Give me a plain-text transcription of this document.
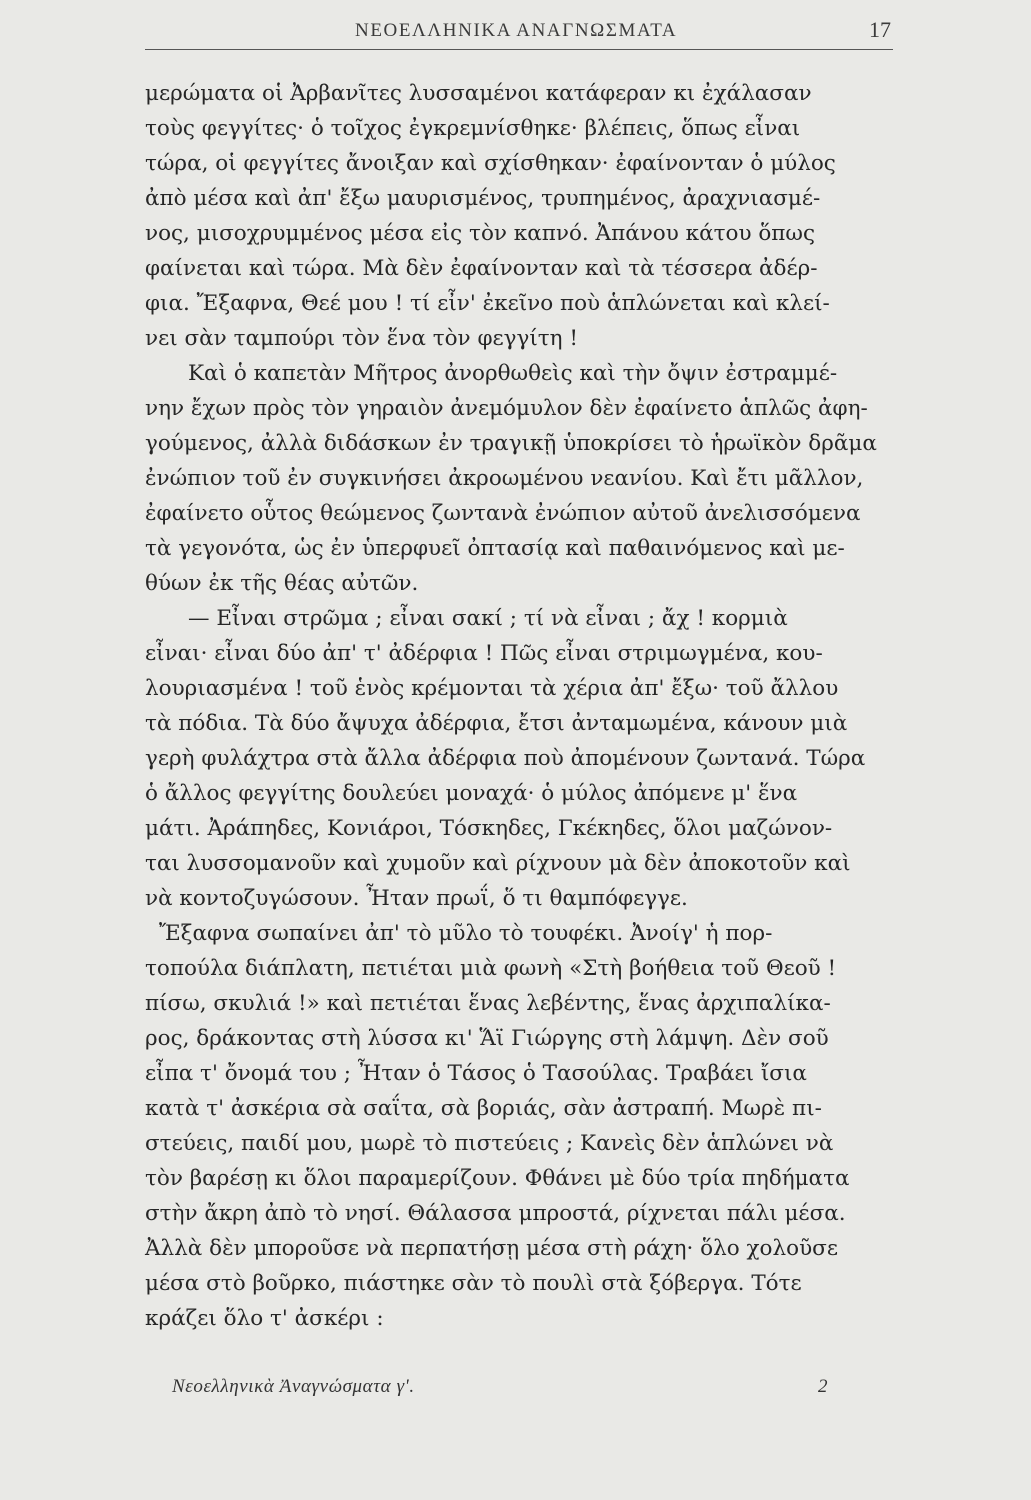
ΝΕΟΕΛΛΗΝΙΚΑ ΑΝΑΓΝΩΣΜΑΤΑ	17
μερώματα οἱ Ἀρβανῖτες λυσσαμένοι κατάφεραν κι ἐχάλασαν
τοὺς φεγγίτες· ὁ τοῖχος ἐγκρεμνίσθηκε· βλέπεις, ὅπως εἶναι
τώρα, οἱ φεγγίτες ἄνοιξαν καὶ σχίσθηκαν· ἐφαίνονταν ὁ μύλος
ἀπὸ μέσα καὶ ἀπ' ἔξω μαυρισμένος, τρυπημένος, ἀραχνιασμέ-
νος, μισοχρυμμένος μέσα εἰς τὸν καπνό. Ἀπάνου κάτου ὅπως
φαίνεται καὶ τώρα. Μὰ δὲν ἐφαίνονταν καὶ τὰ τέσσερα ἀδέρ-
φια. Ἔξαφνα, Θεέ μου ! τί εἶν' ἐκεῖνο ποὺ ἁπλώνεται καὶ κλεί-
νει σὰν ταμπούρι τὸν ἕνα τὸν φεγγίτη !
Καὶ ὁ καπετὰν Μῆτρος ἀνορθωθεὶς καὶ τὴν ὄψιν ἐστραμμέ-
νην ἔχων πρὸς τὸν γηραιὸν ἀνεμόμυλον δὲν ἐφαίνετο ἁπλῶς ἀφη-
γούμενος, ἀλλὰ διδάσκων ἐν τραγικῇ ὑποκρίσει τὸ ἡρωϊκὸν δρᾶμα
ἐνώπιον τοῦ ἐν συγκινήσει ἀκροωμένου νεανίου. Καὶ ἔτι μᾶλλον,
ἐφαίνετο οὗτος θεώμενος ζωντανὰ ἐνώπιον αὐτοῦ ἀνελισσόμενα
τὰ γεγονότα, ὡς ἐν ὑπερφυεῖ ὀπτασίᾳ καὶ παθαινόμενος καὶ με-
θύων ἐκ τῆς θέας αὐτῶν.
— Εἶναι στρῶμα ; εἶναι σακί ; τί νὰ εἶναι ; ἄχ ! κορμιὰ
εἶναι· εἶναι δύο ἀπ' τ' ἀδέρφια ! Πῶς εἶναι στριμωγμένα, κου-
λουριασμένα ! τοῦ ἑνὸς κρέμονται τὰ χέρια ἀπ' ἔξω· τοῦ ἄλλου
τὰ πόδια. Τὰ δύο ἄψυχα ἀδέρφια, ἔτσι ἀνταμωμένα, κάνουν μιὰ
γερὴ φυλάχτρα στὰ ἄλλα ἀδέρφια ποὺ ἀπομένουν ζωντανά. Τώρα
ὁ ἄλλος φεγγίτης δουλεύει μοναχά· ὁ μύλος ἀπόμενε μ' ἕνα
μάτι. Ἀράπηδες, Κονιάροι, Τόσκηδες, Γκέκηδες, ὅλοι μαζώνον-
ται λυσσομανοῦν καὶ χυμοῦν καὶ ρίχνουν μὰ δὲν ἀποκοτοῦν καὶ
νὰ κοντοζυγώσουν. Ἦταν πρωΐ, ὅ τι θαμπόφεγγε.
Ἔξαφνα σωπαίνει ἀπ' τὸ μῦλο τὸ τουφέκι. Ἀνοίγ' ἡ πορ-
τοπούλα διάπλατη, πετιέται μιὰ φωνὴ «Στὴ βοήθεια τοῦ Θεοῦ !
πίσω, σκυλιά !» καὶ πετιέται ἕνας λεβέντης, ἕνας ἀρχιπαλίκα-
ρος, δράκοντας στὴ λύσσα κι' Ἅϊ Γιώργης στὴ λάμψη. Δὲν σοῦ
εἶπα τ' ὄνομά του ; Ἦταν ὁ Τάσος ὁ Τασούλας. Τραβάει ἴσια
κατὰ τ' ἀσκέρια σὰ σαΐτα, σὰ βοριάς, σὰν ἀστραπή. Μωρὲ πι-
στεύεις, παιδί μου, μωρὲ τὸ πιστεύεις ; Κανεὶς δὲν ἁπλώνει νὰ
τὸν βαρέσῃ κι ὅλοι παραμερίζουν. Φθάνει μὲ δύο τρία πηδήματα
στὴν ἄκρη ἀπὸ τὸ νησί. Θάλασσα μπροστά, ρίχνεται πάλι μέσα.
Ἀλλὰ δὲν μποροῦσε νὰ περπατήσῃ μέσα στὴ ράχη· ὅλο χολοῦσε
μέσα στὸ βοῦρκο, πιάστηκε σὰν τὸ πουλὶ στὰ ξόβεργα. Τότε
κράζει ὅλο τ' ἀσκέρι :
Νεοελληνικὰ Ἀναγνώσματα γ'.	2
